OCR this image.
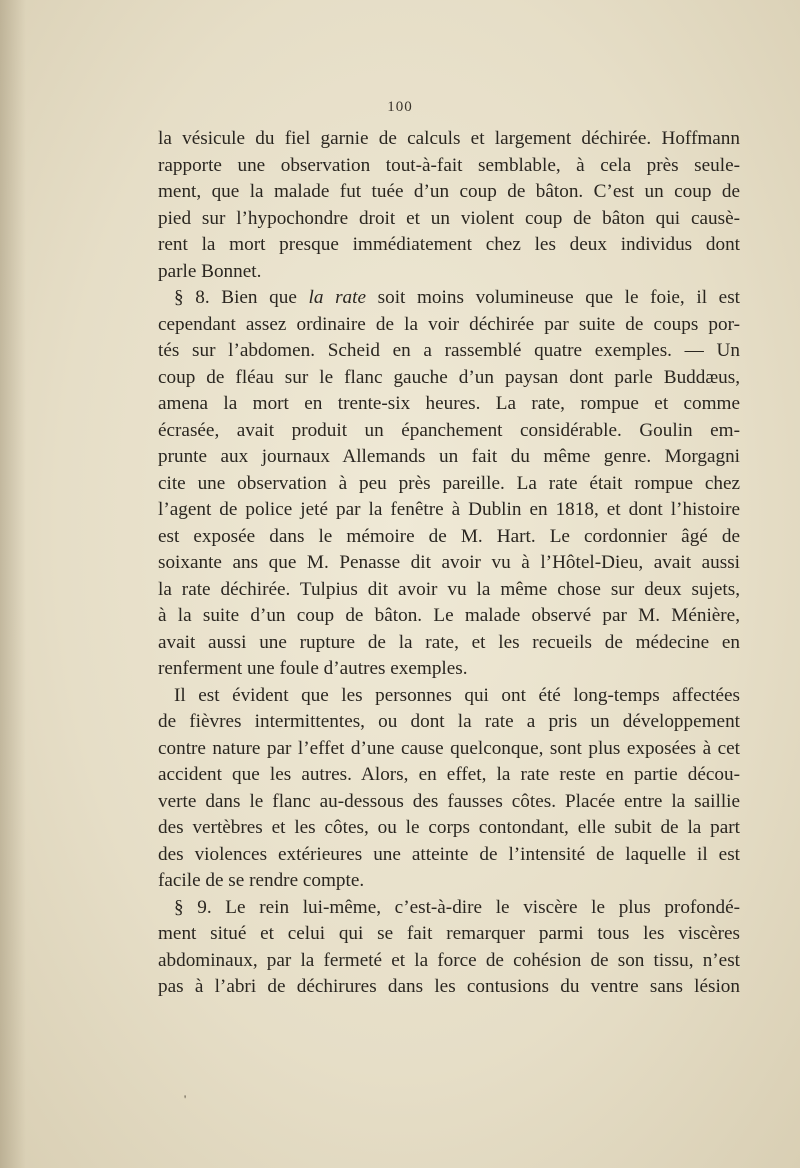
100
la vésicule du fiel garnie de calculs et largement déchirée. Hoffmann
rapporte une observation tout-à-fait semblable, à cela près seule-
ment, que la malade fut tuée d’un coup de bâton. C’est un coup de
pied sur l’hypochondre droit et un violent coup de bâton qui causè-
rent la mort presque immédiatement chez les deux individus dont
parle Bonnet.
§ 8. Bien que la rate soit moins volumineuse que le foie, il est
cependant assez ordinaire de la voir déchirée par suite de coups por-
tés sur l’abdomen. Scheid en a rassemblé quatre exemples. — Un
coup de fléau sur le flanc gauche d’un paysan dont parle Buddæus,
amena la mort en trente-six heures. La rate, rompue et comme
écrasée, avait produit un épanchement considérable. Goulin em-
prunte aux journaux Allemands un fait du même genre. Morgagni
cite une observation à peu près pareille. La rate était rompue chez
l’agent de police jeté par la fenêtre à Dublin en 1818, et dont l’histoire
est exposée dans le mémoire de M. Hart. Le cordonnier âgé de
soixante ans que M. Penasse dit avoir vu à l’Hôtel-Dieu, avait aussi
la rate déchirée. Tulpius dit avoir vu la même chose sur deux sujets,
à la suite d’un coup de bâton. Le malade observé par M. Ménière,
avait aussi une rupture de la rate, et les recueils de médecine en
renferment une foule d’autres exemples.
Il est évident que les personnes qui ont été long-temps affectées
de fièvres intermittentes, ou dont la rate a pris un développement
contre nature par l’effet d’une cause quelconque, sont plus exposées à cet
accident que les autres. Alors, en effet, la rate reste en partie décou-
verte dans le flanc au-dessous des fausses côtes. Placée entre la saillie
des vertèbres et les côtes, ou le corps contondant, elle subit de la part
des violences extérieures une atteinte de l’intensité de laquelle il est
facile de se rendre compte.
§ 9. Le rein lui-même, c’est-à-dire le viscère le plus profondé-
ment situé et celui qui se fait remarquer parmi tous les viscères
abdominaux, par la fermeté et la force de cohésion de son tissu, n’est
pas à l’abri de déchirures dans les contusions du ventre sans lésion
'
